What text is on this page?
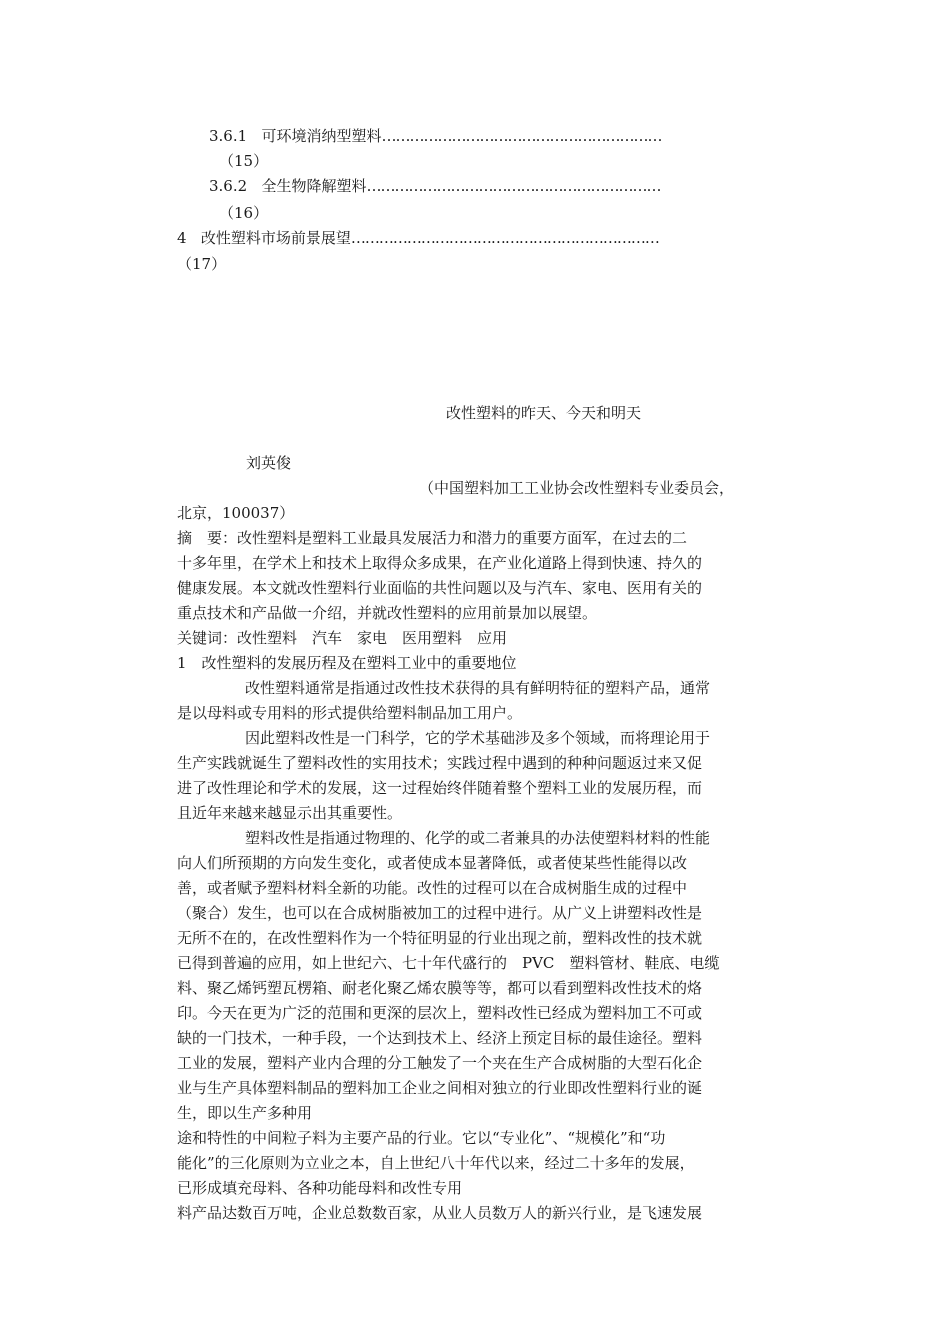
3.6.1 可环境消纳型塑料……………………………………………………
（15）
3.6.2 全生物降解塑料………………………………………………………
（16）
4 改性塑料市场前景展望…………………………………………………………
（17）
改性塑料的昨天、今天和明天
刘英俊
（中国塑料加工工业协会改性塑料专业委员会，
北京，100037）
摘　要：改性塑料是塑料工业最具发展活力和潜力的重要方面军，在过去的二
十多年里，在学术上和技术上取得众多成果，在产业化道路上得到快速、持久的
健康发展。本文就改性塑料行业面临的共性问题以及与汽车、家电、医用有关的
重点技术和产品做一介绍，并就改性塑料的应用前景加以展望。
关键词：改性塑料　汽车　家电　医用塑料　应用
1　改性塑料的发展历程及在塑料工业中的重要地位
改性塑料通常是指通过改性技术获得的具有鲜明特征的塑料产品，通常
是以母料或专用料的形式提供给塑料制品加工用户。
因此塑料改性是一门科学，它的学术基础涉及多个领域，而将理论用于
生产实践就诞生了塑料改性的实用技术；实践过程中遇到的种种问题返过来又促
进了改性理论和学术的发展，这一过程始终伴随着整个塑料工业的发展历程，而
且近年来越来越显示出其重要性。
塑料改性是指通过物理的、化学的或二者兼具的办法使塑料材料的性能
向人们所预期的方向发生变化，或者使成本显著降低，或者使某些性能得以改
善，或者赋予塑料材料全新的功能。改性的过程可以在合成树脂生成的过程中
（聚合）发生，也可以在合成树脂被加工的过程中进行。从广义上讲塑料改性是
无所不在的，在改性塑料作为一个特征明显的行业出现之前，塑料改性的技术就
已得到普遍的应用，如上世纪六、七十年代盛行的　PVC　塑料管材、鞋底、电缆
料、聚乙烯钙塑瓦楞箱、耐老化聚乙烯农膜等等，都可以看到塑料改性技术的烙
印。今天在更为广泛的范围和更深的层次上，塑料改性已经成为塑料加工不可或
缺的一门技术，一种手段，一个达到技术上、经济上预定目标的最佳途径。塑料
工业的发展，塑料产业内合理的分工触发了一个夹在生产合成树脂的大型石化企
业与生产具体塑料制品的塑料加工企业之间相对独立的行业即改性塑料行业的诞
生，即以生产多种用
途和特性的中间粒子料为主要产品的行业。它以“专业化”、“规模化”和“功
能化”的三化原则为立业之本，自上世纪八十年代以来，经过二十多年的发展，
已形成填充母料、各种功能母料和改性专用
料产品达数百万吨，企业总数数百家，从业人员数万人的新兴行业，是飞速发展
